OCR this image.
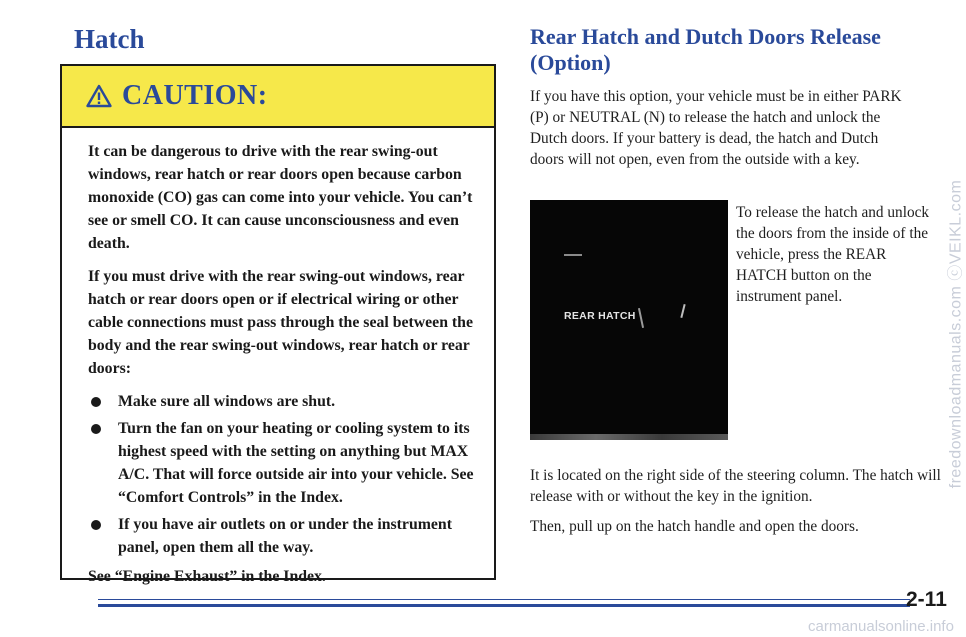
Hatch
CAUTION:

It can be dangerous to drive with the rear swing-out windows, rear hatch or rear doors open because carbon monoxide (CO) gas can come into your vehicle. You can’t see or smell CO. It can cause unconsciousness and even death.

If you must drive with the rear swing-out windows, rear hatch or rear doors open or if electrical wiring or other cable connections must pass through the seal between the body and the rear swing-out windows, rear hatch or rear doors:

Make sure all windows are shut.
Turn the fan on your heating or cooling system to its highest speed with the setting on anything but MAX A/C. That will force outside air into your vehicle. See “Comfort Controls” in the Index.
If you have air outlets on or under the instrument panel, open them all the way.

See “Engine Exhaust” in the Index.

Rear Hatch and Dutch Doors Release (Option)

If you have this option, your vehicle must be in either PARK (P) or NEUTRAL (N) to release the hatch and unlock the Dutch doors. If your battery is dead, the hatch and Dutch doors will not open, even from the outside with a key.

REAR HATCH

To release the hatch and unlock the doors from the inside of the vehicle, press the REAR HATCH button on the instrument panel.

It is located on the right side of the steering column. The hatch will release with or without the key in the ignition.

Then, pull up on the hatch handle and open the doors.

2-11

freedownloadmanuals.com ⓒVEIKL.com
carmanualsonline.info
